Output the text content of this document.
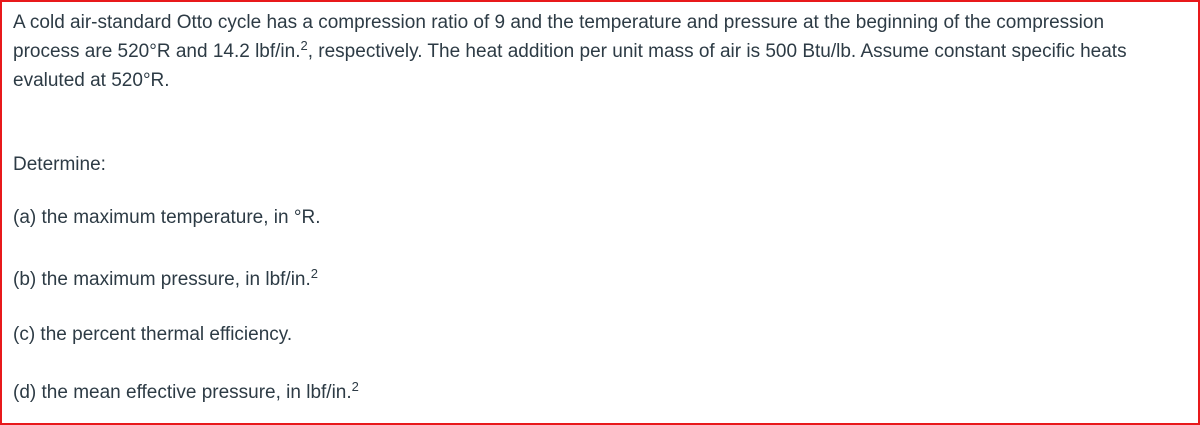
A cold air-standard Otto cycle has a compression ratio of 9 and the temperature and pressure at the beginning of the compression
process are 520°R and 14.2 lbf/in.$^2$, respectively. The heat addition per unit mass of air is 500 Btu/lb. Assume constant specific heats
evaluted at 520°R.

Determine:

(a) the maximum temperature, in °R.

(b) the maximum pressure, in lbf/in.$^2$

(c) the percent thermal efficiency.

(d) the mean effective pressure, in lbf/in.$^2$
